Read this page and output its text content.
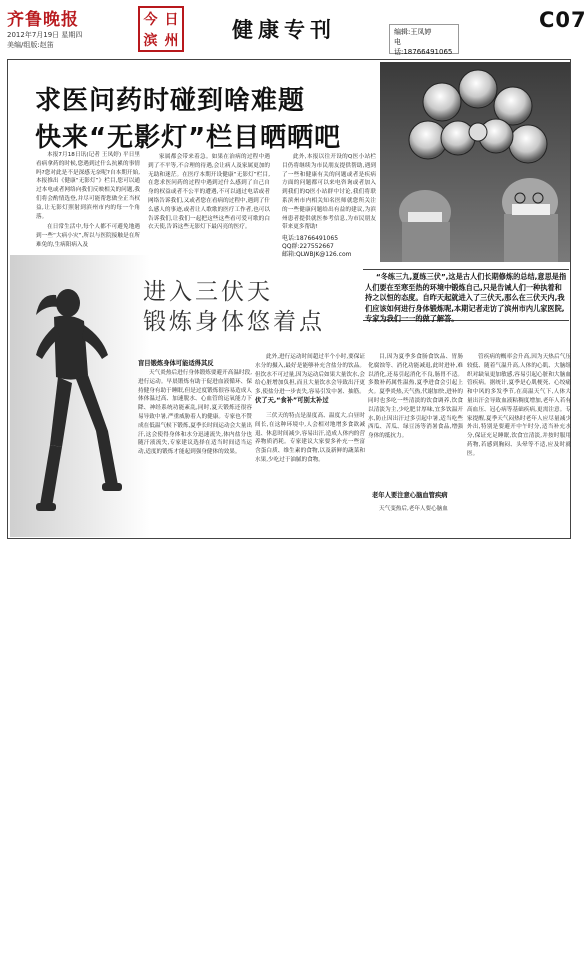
齐鲁晚报
2012年7月19日 星期四
美编/组版:赵笛
今 日
滨 州	健康专刊	编辑:王凤婷
电话:18766491065
C07
求医问药时碰到啥难题
快来“无影灯”栏目晒晒吧

本报7月18日讯(记者 王凤婷) 平日里看病拿药的时候,您遇到过什么抗累的事情吗?您对此是不是深感无奈呢?自本期开始,本报推出《健康“无影灯”》栏目,您可以通过本电或者网络向我们反映相关的问题,我们将会酌情选登,并尽可能帮您做全正当权益,让无影灯照射到滨州市内的每一个角落。

在日常生活中,每个人都不可避免地遇到一些“大病小灾”,所以与医院接触是在所难免的,生病阳病入及

家属都会带来着急。如果在治病的过程中遇到了不平等,不合理的待遇,会让病人及家属更加的无助和迷茫。在医疗本期开设健康“无影灯”栏目,在您求医问药的过程中遇到过什么感到了自己自身的权益或者不公平的遭遇,不可以通过电话或者网络告诉我们,又或者您在看病的过程中,遇到了什么感人的事迹,或者让人歌歌的医疗工作者,也可以告诉我们,让我们一起把这些这些看可爱可歌的白衣天使,告诉这些无影灯下最闪亮的医疗。

此外,本报以往开设的Q医小站栏目仍将继续为市民朋友提供帮助,遇到了一些和健康有关的问题或者是疾病方面的问题都可以来电咨询或者加入到我们的Q医小站群中讨论,我们将联系滨州市内相关知名医师就您所关注的一些健康问题给出有益的建议,为滨州患者提供就医参考信息,为市民朋友带来更多帮助!

电话:18766491065
QQ群:227552667
邮箱:QLWBJK@126.com
进入三伏天
锻炼身体悠着点

“冬练三九,夏练三伏”,这是古人们长期修炼的总结,意思是指人们要在至寒至热的环境中锻炼自己,只是告诫人们一种执着和持之以恒的态度。自昨天起就进入了三伏天,那么在三伏天内,我们应该如何进行身体锻炼呢,本期记者走访了滨州市内儿家医院,专家为我们一一的做了解答。

盲目锻炼身体可能适得其反

天气炎热后进行身体锻炼要避开高温时段,进行运动。早晨锻炼有助于促进血液循环、保持健身有助于睡眠,但是过度锻炼很容易造成人体体温过高、加速脱水、心血管的运氧能力下降、神经系统功能紊乱,同时,夏天锻炼还很容易导致中暑,严重威胁着人的健康。专家也不赞成在低温气候下锻炼,夏季长时间运动会大量出汗,这会使得身体和水分迅速流失,体内盐分也随汗液流失,专家建议选择在适当时间适当运动,适度的锻炼才能起到强身健体的效果。

此外,进行运动时间超过半个小时,要保证水分的摄入,最好是能够补充含盐分的饮品。但饮水不可过量,因为运动后如果大量饮水,会给心脏增加负担,而且大量饮水会导致出汗更多,使盐分进一步丧失,容易引发中暑、抽筋。

伏了天,“食补”可别太补过

三伏天的特点是湿度高、温度大,白昼时间长,在这种环境中,人会相对地增多食欲减退、休息时间减少,容易出汗,造成人体内的营养物质消耗。专家建议大家要多补充一些富含蛋白质、维生素的食物,以及新鲜的蔬菜和水果,少吃过于油腻的食物。

目,因为夏季多食肠食饮品、胃肠化腐蚀等、消化功能减退,此时进补,难以消化,还易引起消化不良,肠胃不适。多数补药属性温热,夏季进食会引起上火。夏季炎热,天气热,代谢加快,进补的同时也多吃一些清淡的饮食调养,饮食以清淡为主,少吃肥甘厚味,宜多饮温开水,防止因出汗过多引起中暑,适当吃些西瓜、苦瓜、绿豆汤等消暑食品,增强身体的抵抗力。

老年人要注意心脑血管疾病

天气变热后,老年人要心脑血

管疾病的概率会升高,因为天热后气压较低、随着气温升高,人体的心肌、大脑组织对缺氧更加敏感,容易引起心脏和大脑血管疾病。据统计,夏季是心肌梗死、心绞痛和中风的多发季节,在高温天气下,人体大量出汗会导致血液粘稠度增加,老年人若有高血压、冠心病等基础疾病,更需注意。专家提醒,夏季天气闷热时老年人应尽量减少外出,特别是要避开中午时分,适当补充水分,保证充足睡眠,饮食宜清淡,并按时服用药物,若感到胸闷、头晕等不适,应及时就医。
